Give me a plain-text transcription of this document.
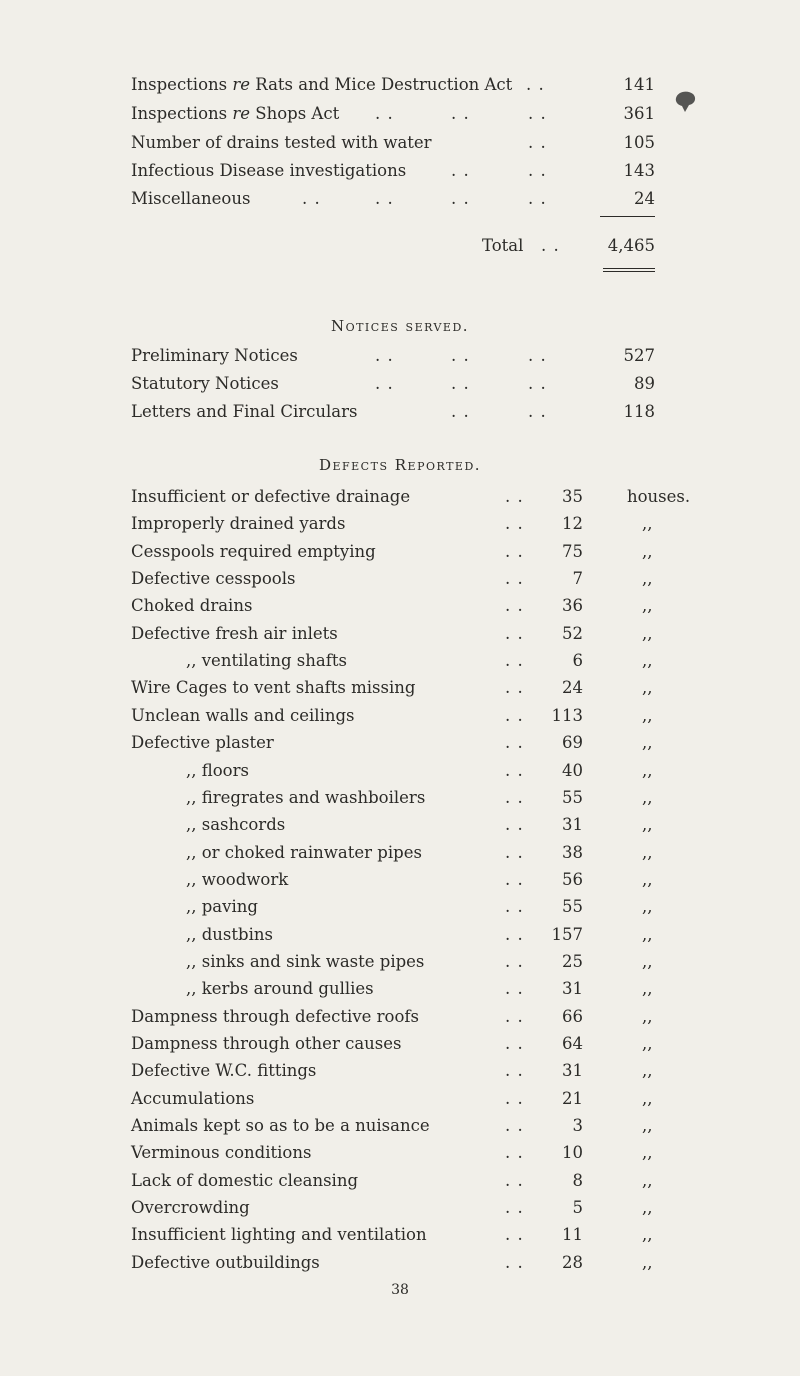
Inspections re Rats and Mice Destruction Act . .	141
Inspections re Shops Act . .	. .	. .	361
Number of drains tested with water	. .	105
Infectious Disease investigations	. .	. .	143
Miscellaneous	. .	. .	. .	. .	24
Total . .	4,465
Notices served.
Preliminary Notices	. .	. .	. .	527
Statutory Notices	. .	. .	. .	89
Letters and Final Circulars	. .	. .	118
Defects Reported.
Insufficient or defective drainage	. .	35	houses.
Improperly drained yards	. .	12	,,
Cesspools required emptying	. .	75	,,
Defective cesspools	. .	7	,,
Choked drains	. .	36	,,
Defective fresh air inlets	. .	52	,,
,, ventilating shafts	. .	6	,,
Wire Cages to vent shafts missing	. .	24	,,
Unclean walls and ceilings	. .	113	,,
Defective plaster	. .	69	,,
,, floors	. .	40	,,
,, firegrates and washboilers	. .	55	,,
,, sashcords	. .	31	,,
,, or choked rainwater pipes	. .	38	,,
,, woodwork	. .	56	,,
,, paving	. .	55	,,
,, dustbins	. .	157	,,
,, sinks and sink waste pipes	. .	25	,,
,, kerbs around gullies	. .	31	,,
Dampness through defective roofs	. .	66	,,
Dampness through other causes	. .	64	,,
Defective W.C. fittings	. .	31	,,
Accumulations	. .	21	,,
Animals kept so as to be a nuisance	. .	3	,,
Verminous conditions	. .	10	,,
Lack of domestic cleansing	. .	8	,,
Overcrowding	. .	5	,,
Insufficient lighting and ventilation	. .	11	,,
Defective outbuildings	. .	28	,,
38
